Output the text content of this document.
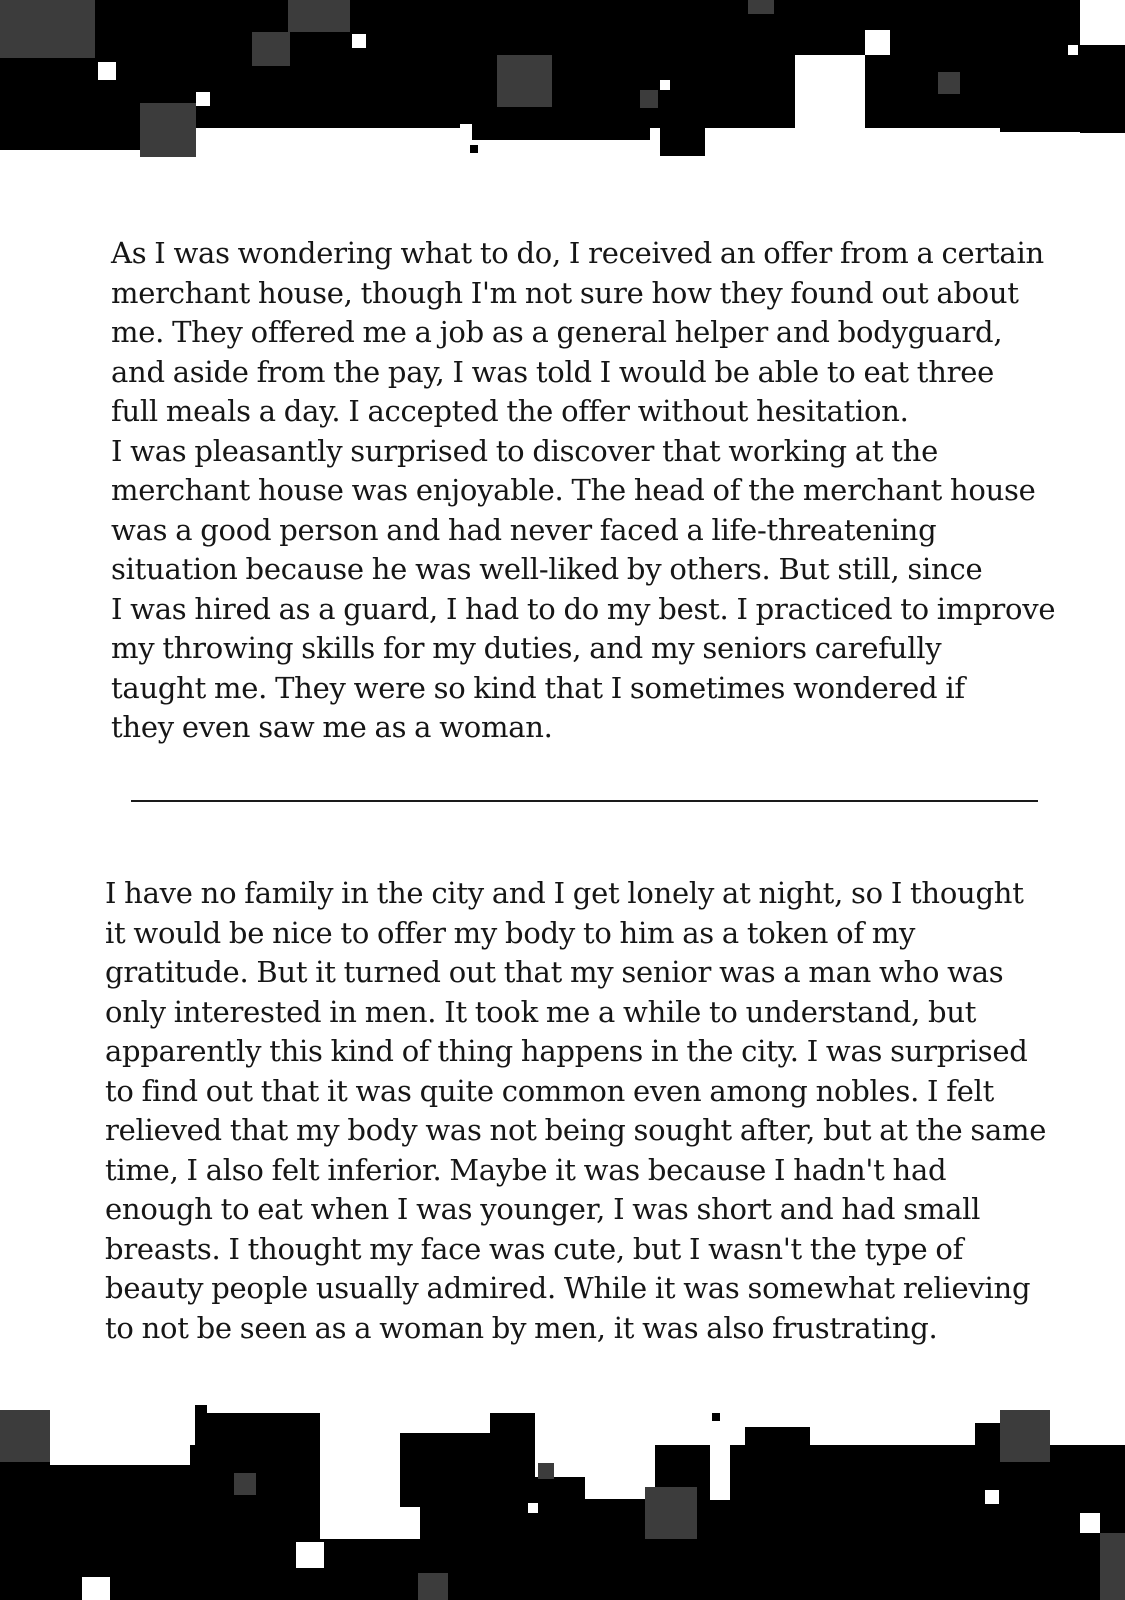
As I was wondering what to do, I received an offer from a certain
merchant house, though I'm not sure how they found out about
me. They offered me a job as a general helper and bodyguard,
and aside from the pay, I was told I would be able to eat three
full meals a day. I accepted the offer without hesitation.

I was pleasantly surprised to discover that working at the
merchant house was enjoyable. The head of the merchant house
was a good person and had never faced a life-threatening
situation because he was well-liked by others. But still, since
I was hired as a guard, I had to do my best. I practiced to improve
my throwing skills for my duties, and my seniors carefully
taught me. They were so kind that I sometimes wondered if
they even saw me as a woman.

I have no family in the city and I get lonely at night, so I thought
it would be nice to offer my body to him as a token of my
gratitude. But it turned out that my senior was a man who was
only interested in men. It took me a while to understand, but
apparently this kind of thing happens in the city. I was surprised
to find out that it was quite common even among nobles. I felt
relieved that my body was not being sought after, but at the same
time, I also felt inferior. Maybe it was because I hadn't had
enough to eat when I was younger, I was short and had small
breasts. I thought my face was cute, but I wasn't the type of
beauty people usually admired. While it was somewhat relieving
to not be seen as a woman by men, it was also frustrating.
